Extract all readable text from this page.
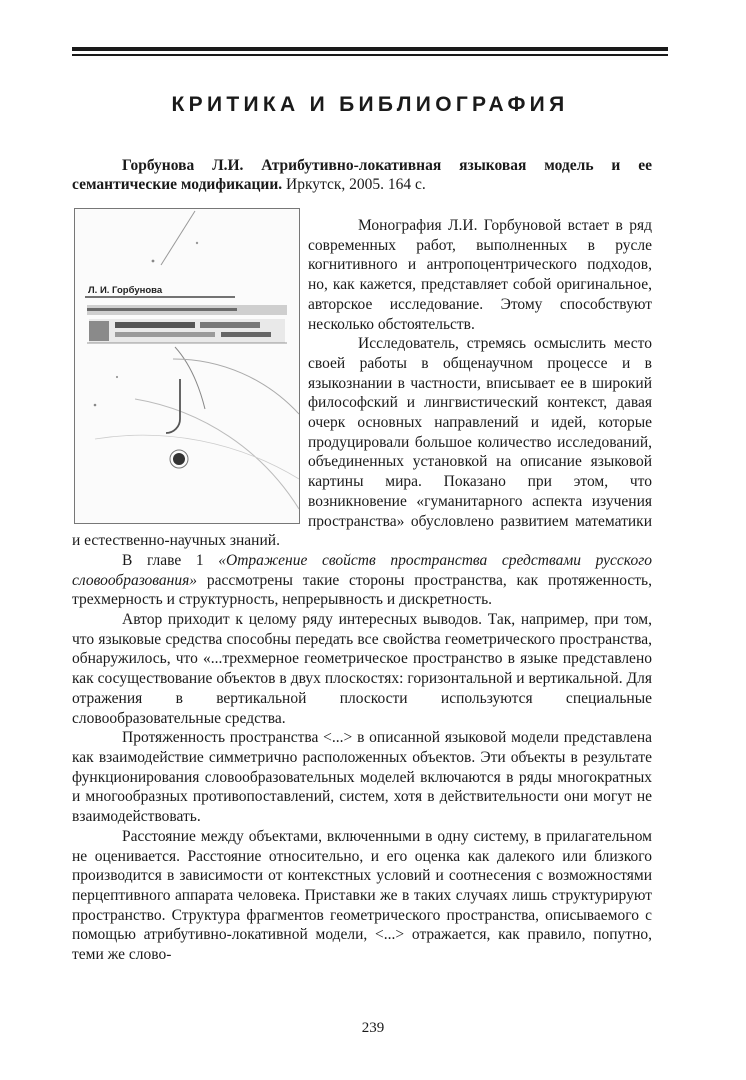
КРИТИКА И БИБЛИОГРАФИЯ
Горбунова Л.И. Атрибутивно-локативная языковая модель и ее семантические модификации. Иркутск, 2005. 164 с.
Л. И. Горбунова

Монография Л.И. Горбуновой встает в ряд современных работ, выполненных в русле когнитивного и антропоцентрического подходов, но, как кажется, представляет собой оригинальное, авторское исследование. Этому способствуют несколько обстоятельств.

Исследователь, стремясь осмыслить место своей работы в общенаучном процессе и в языкознании в частности, вписывает ее в широкий философский и лингвистический контекст, давая очерк основных направлений и идей, которые продуцировали большое количество исследований, объединенных установкой на описание языковой картины мира. Показано при этом, что возникновение «гуманитарного аспекта изучения пространства» обусловлено развитием математики и естественно-научных знаний.

В главе 1 «Отражение свойств пространства средствами русского словообразования» рассмотрены такие стороны пространства, как протяженность, трехмерность и структурность, непрерывность и дискретность.

Автор приходит к целому ряду интересных выводов. Так, например, при том, что языковые средства способны передать все свойства геометрического пространства, обнаружилось, что «...трехмерное геометрическое пространство в языке представлено как сосуществование объектов в двух плоскостях: горизонтальной и вертикальной. Для отражения в вертикальной плоскости используются специальные словообразовательные средства.

Протяженность пространства <...> в описанной языковой модели представлена как взаимодействие симметрично расположенных объектов. Эти объекты в результате функционирования словообразовательных моделей включаются в ряды многократных и многообразных противопоставлений, систем, хотя в действительности они могут не взаимодействовать.

Расстояние между объектами, включенными в одну систему, в прилагательном не оценивается. Расстояние относительно, и его оценка как далекого или близкого производится в зависимости от контекстных условий и соотнесения с возможностями перцептивного аппарата человека. Приставки же в таких случаях лишь структурируют пространство. Структура фрагментов геометрического пространства, описываемого с помощью атрибутивно-локативной модели, <...> отражается, как правило, попутно, теми же слово-

239
